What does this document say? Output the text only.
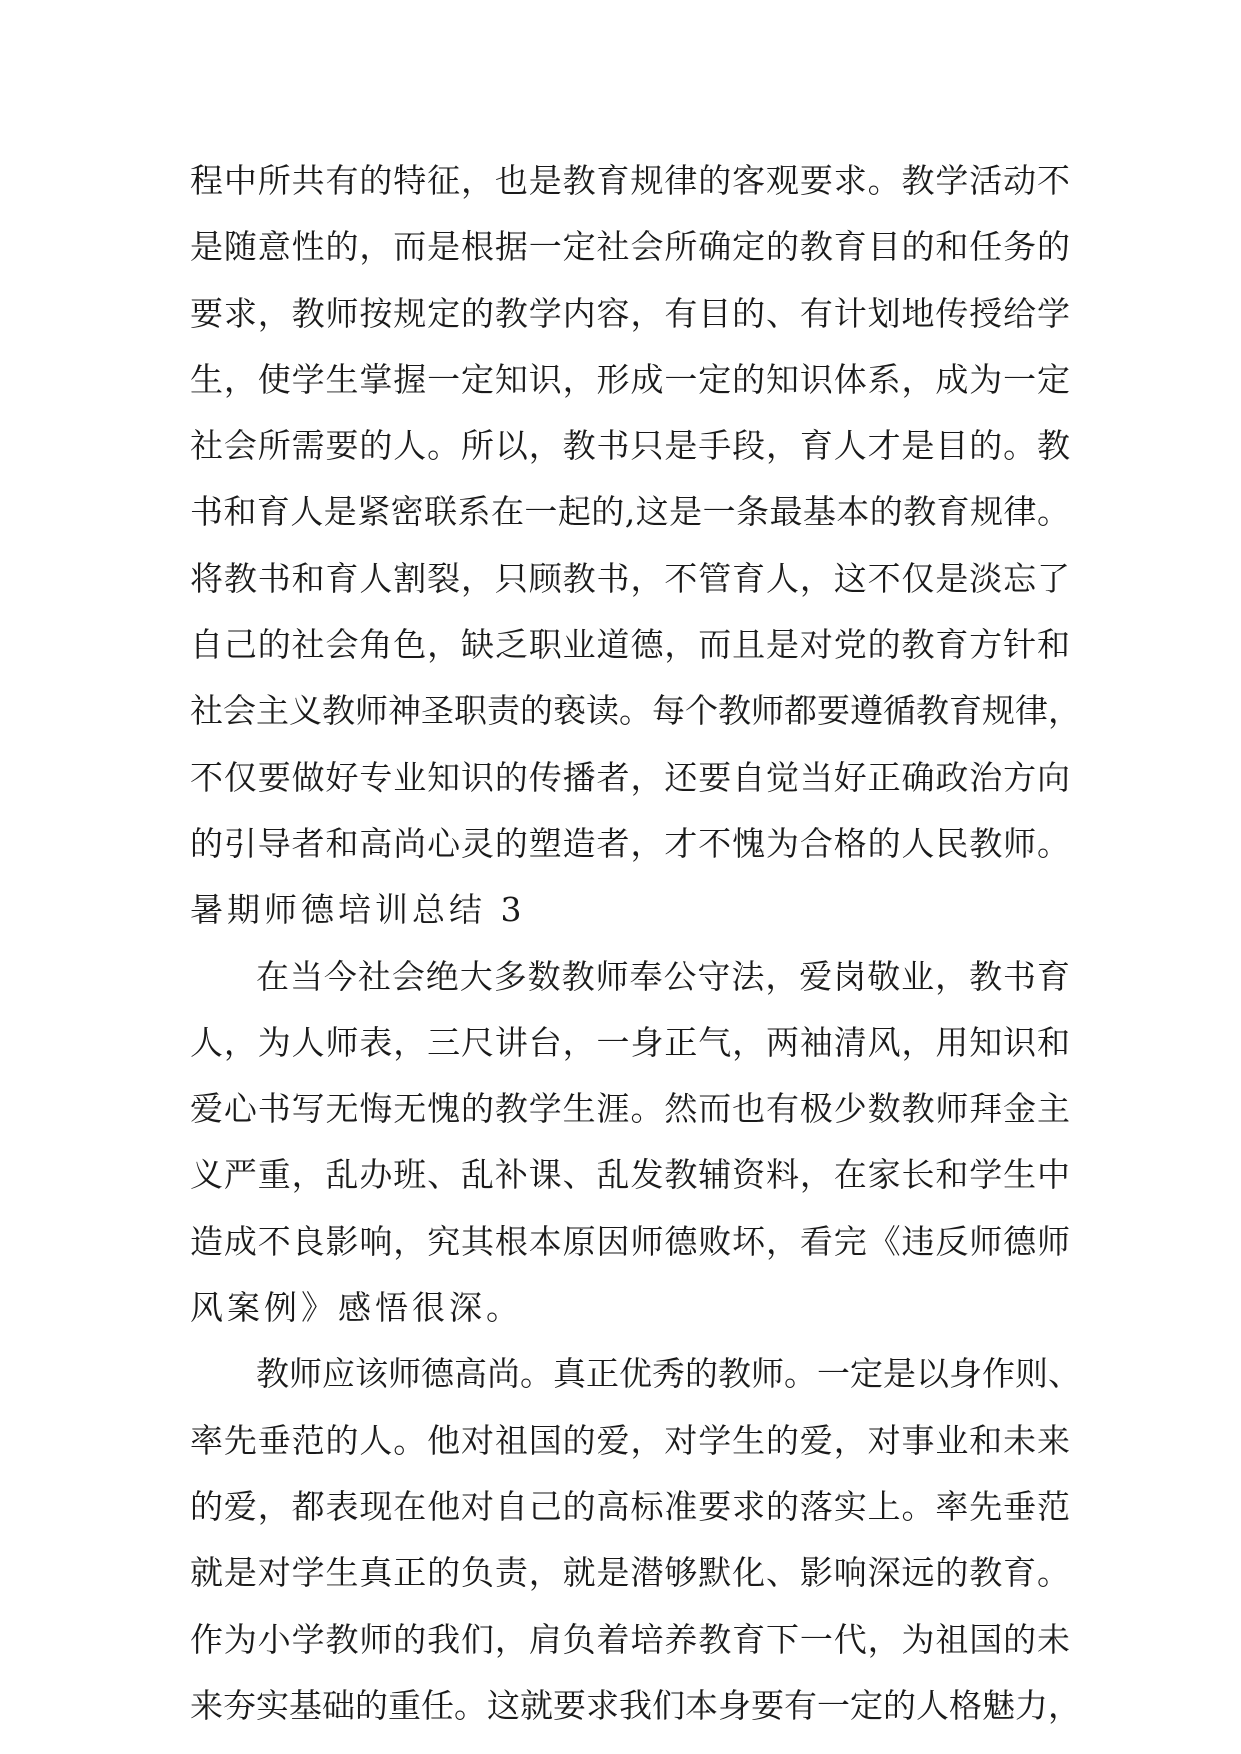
程中所共有的特征，也是教育规律的客观要求。教学活动不
是随意性的，而是根据一定社会所确定的教育目的和任务的
要求，教师按规定的教学内容，有目的、有计划地传授给学
生，使学生掌握一定知识，形成一定的知识体系，成为一定
社会所需要的人。所以，教书只是手段，育人才是目的。教
书和育人是紧密联系在一起的,这是一条最基本的教育规律。
将教书和育人割裂，只顾教书，不管育人，这不仅是淡忘了
自己的社会角色，缺乏职业道德，而且是对党的教育方针和
社会主义教师神圣职责的亵读。每个教师都要遵循教育规律，
不仅要做好专业知识的传播者，还要自觉当好正确政治方向
的引导者和高尚心灵的塑造者，才不愧为合格的人民教师。
暑期师德培训总结 3
在当今社会绝大多数教师奉公守法，爱岗敬业，教书育
人，为人师表，三尺讲台，一身正气，两袖清风，用知识和
爱心书写无悔无愧的教学生涯。然而也有极少数教师拜金主
义严重，乱办班、乱补课、乱发教辅资料，在家长和学生中
造成不良影响，究其根本原因师德败坏，看完《违反师德师
风案例》感悟很深。
教师应该师德高尚。真正优秀的教师。一定是以身作则、
率先垂范的人。他对祖国的爱，对学生的爱，对事业和未来
的爱，都表现在他对自己的高标准要求的落实上。率先垂范
就是对学生真正的负责，就是潜够默化、影响深远的教育。
作为小学教师的我们，肩负着培养教育下一代，为祖国的未
来夯实基础的重任。这就要求我们本身要有一定的人格魅力，
